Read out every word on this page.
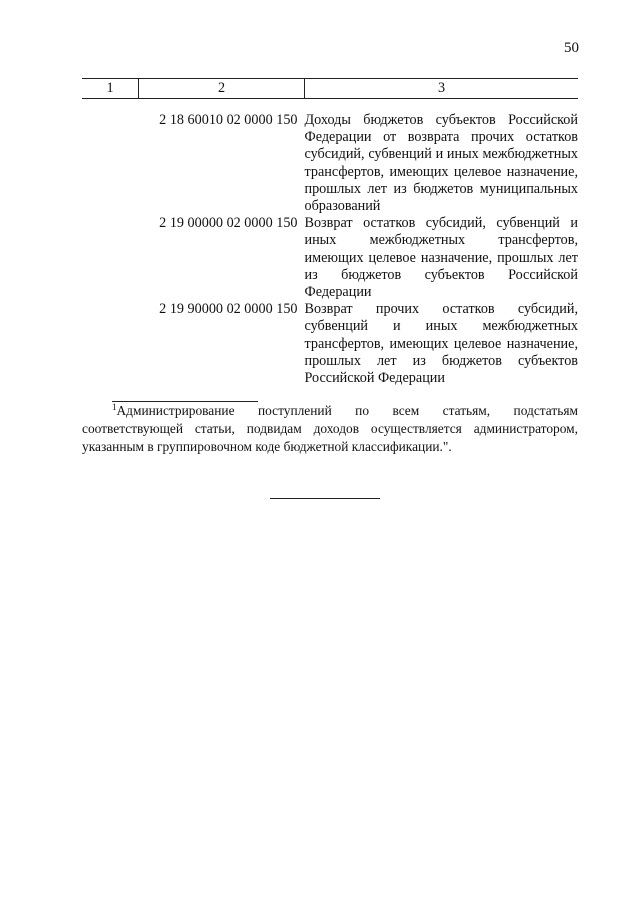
50
1	2	3
	2 18 60010 02 0000 150	Доходы бюджетов субъектов Российской Федерации от возврата прочих остатков субсидий, субвенций и иных межбюджетных трансфертов, имеющих целевое назначение, прошлых лет из бюджетов муниципальных образований

	2 19 00000 02 0000 150	Возврат остатков субсидий, субвенций и иных межбюджетных трансфертов, имеющих целевое назначение, прошлых лет из бюджетов субъектов Российской Федерации

	2 19 90000 02 0000 150	Возврат прочих остатков субсидий, субвенций и иных межбюджетных трансфертов, имеющих целевое назначение, прошлых лет из бюджетов субъектов Российской Федерации
$^1$Администрирование поступлений по всем статьям, подстатьям соответствующей статьи, подвидам доходов осуществляется администратором, указанным в группировочном коде бюджетной классификации.".
